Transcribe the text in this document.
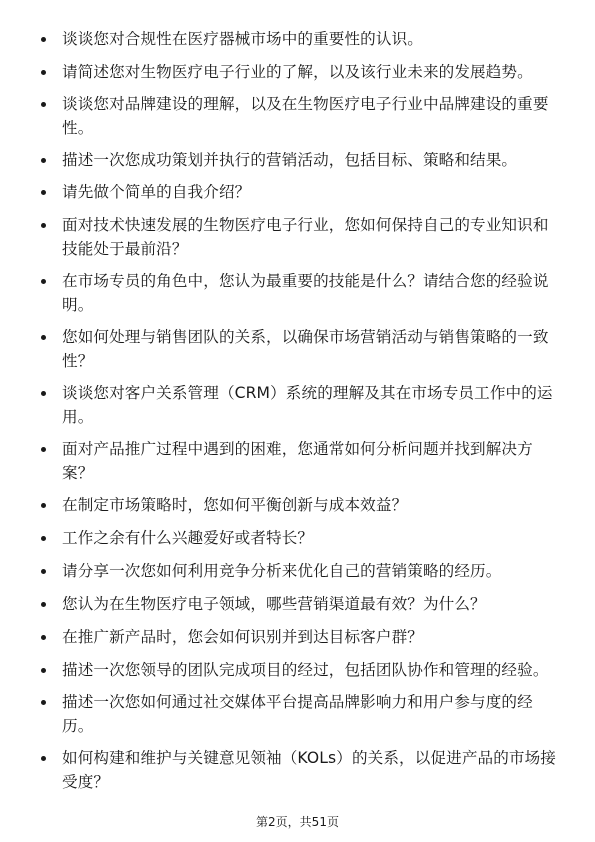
谈谈您对合规性在医疗器械市场中的重要性的认识。
请简述您对生物医疗电子行业的了解，以及该行业未来的发展趋势。
谈谈您对品牌建设的理解，以及在生物医疗电子行业中品牌建设的重要性。
描述一次您成功策划并执行的营销活动，包括目标、策略和结果。
请先做个简单的自我介绍？
面对技术快速发展的生物医疗电子行业，您如何保持自己的专业知识和技能处于最前沿？
在市场专员的角色中，您认为最重要的技能是什么？请结合您的经验说明。
您如何处理与销售团队的关系，以确保市场营销活动与销售策略的一致性？
谈谈您对客户关系管理（CRM）系统的理解及其在市场专员工作中的运用。
面对产品推广过程中遇到的困难，您通常如何分析问题并找到解决方案？
在制定市场策略时，您如何平衡创新与成本效益？
工作之余有什么兴趣爱好或者特长？
请分享一次您如何利用竞争分析来优化自己的营销策略的经历。
您认为在生物医疗电子领域，哪些营销渠道最有效？为什么？
在推广新产品时，您会如何识别并到达目标客户群？
描述一次您领导的团队完成项目的经过，包括团队协作和管理的经验。
描述一次您如何通过社交媒体平台提高品牌影响力和用户参与度的经历。
如何构建和维护与关键意见领袖（KOLs）的关系，以促进产品的市场接受度？
第2页，共51页
